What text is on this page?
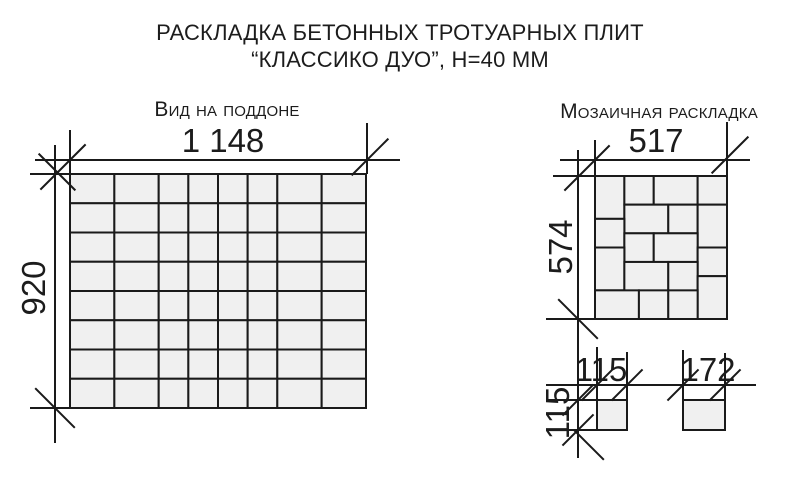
РАСКЛАДКА БЕТОННЫХ ТРОТУАРНЫХ ПЛИТ
“КЛАССИКО ДУО”, Н=40 ММ
Вид на поддоне	Мозаичная раскладка
1 148
920
517
574
115
115
172
